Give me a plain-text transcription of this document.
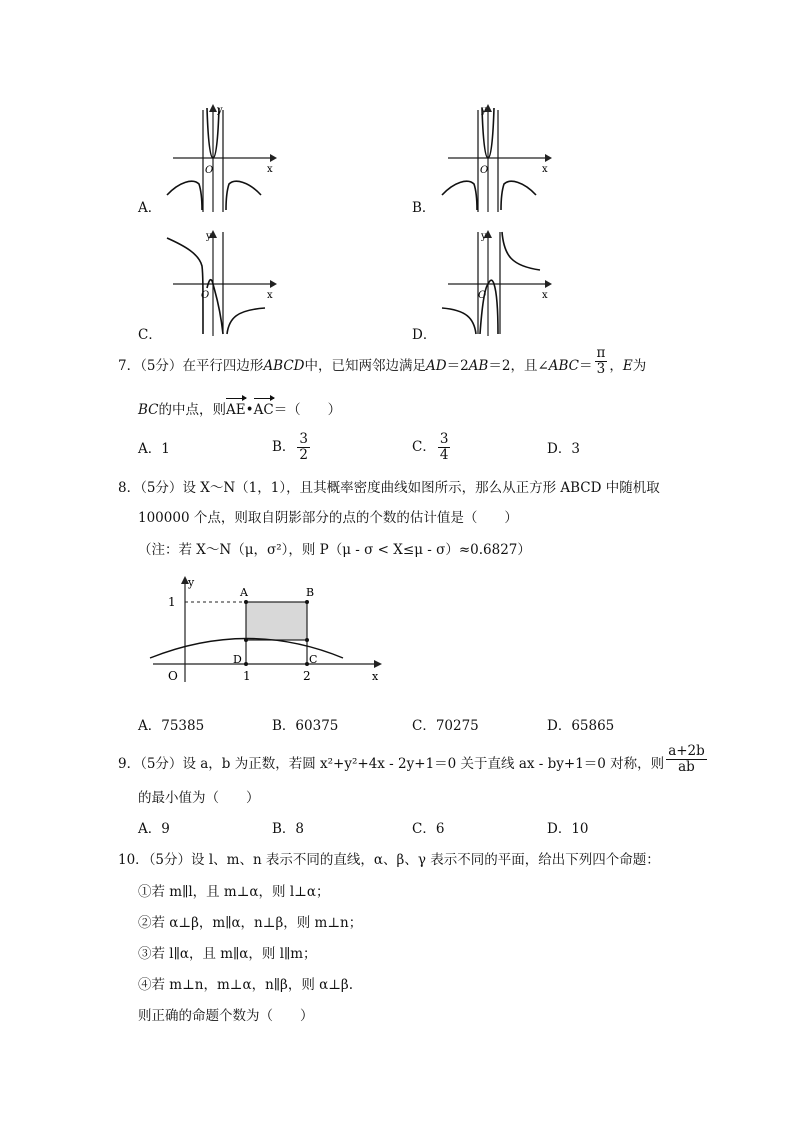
y
x
O
A．
y
x
O
B．
y
x
O
C．
y
x
O
D．
7．（5分）在平行四边形ABCD中，已知两邻边满足AD＝2AB＝2，且∠ABC＝ $\frac{\pi}{3}$ ，E为
BC的中点，则AE•AC＝（　　）
A．1	B． $\frac{3}{2}$	C． $\frac{3}{4}$	D．3
8．（5分）设 X～N（1，1），且其概率密度曲线如图所示，那么从正方形 ABCD 中随机取
100000 个点，则取自阴影部分的点的个数的估计值是（　　）
（注：若 X～N（μ，σ²），则 P（μ - σ < X≤μ - σ）≈0.6827）
y
x
1
O	1	2
A	B
C
D
A．75385	B．60375	C．70275	D．65865
9．（5分）设 a，b 为正数，若圆 x²+y²+4x - 2y+1＝0 关于直线 ax - by+1＝0 对称，则 $\frac{a+2b}{ab}$
的最小值为（　　）
A．9	B．8	C．6	D．10
10．（5分）设 l、m、n 表示不同的直线，α、β、γ 表示不同的平面，给出下列四个命题：
①若 m∥l，且 m⊥α，则 l⊥α；
②若 α⊥β，m∥α，n⊥β，则 m⊥n；
③若 l∥α，且 m∥α，则 l∥m；
④若 m⊥n，m⊥α，n∥β，则 α⊥β.
则正确的命题个数为（　　）
